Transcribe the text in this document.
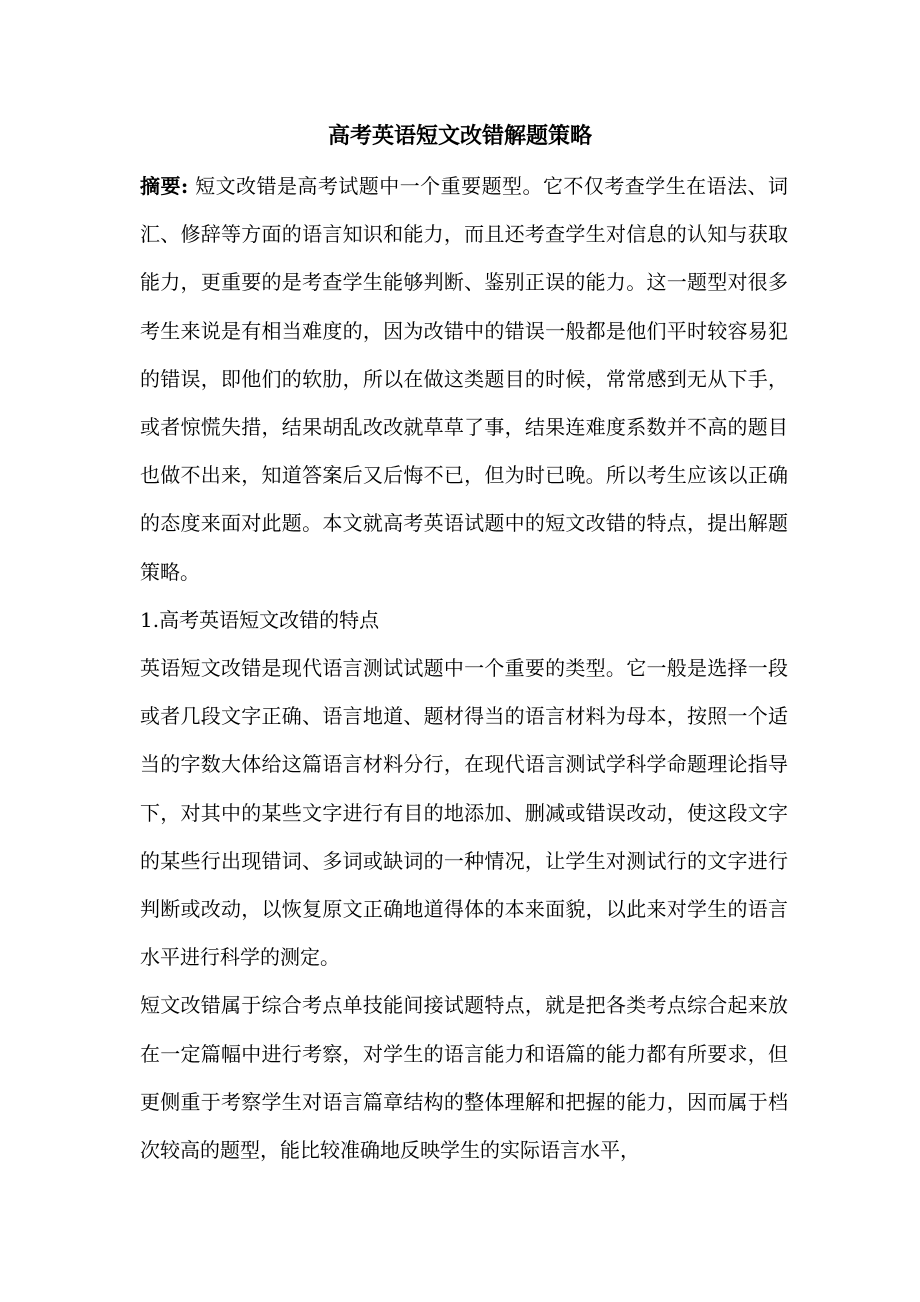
高考英语短文改错解题策略

摘要: 短文改错是高考试题中一个重要题型。它不仅考查学生在语法、词汇、修辞等方面的语言知识和能力，而且还考查学生对信息的认知与获取能力，更重要的是考查学生能够判断、鉴别正误的能力。这一题型对很多考生来说是有相当难度的，因为改错中的错误一般都是他们平时较容易犯的错误，即他们的软肋，所以在做这类题目的时候，常常感到无从下手，或者惊慌失措，结果胡乱改改就草草了事，结果连难度系数并不高的题目也做不出来，知道答案后又后悔不已，但为时已晚。所以考生应该以正确的态度来面对此题。本文就高考英语试题中的短文改错的特点，提出解题策略。

1.高考英语短文改错的特点

英语短文改错是现代语言测试试题中一个重要的类型。它一般是选择一段或者几段文字正确、语言地道、题材得当的语言材料为母本，按照一个适当的字数大体给这篇语言材料分行，在现代语言测试学科学命题理论指导下，对其中的某些文字进行有目的地添加、删减或错误改动，使这段文字的某些行出现错词、多词或缺词的一种情况，让学生对测试行的文字进行判断或改动，以恢复原文正确地道得体的本来面貌，以此来对学生的语言水平进行科学的测定。

短文改错属于综合考点单技能间接试题特点，就是把各类考点综合起来放在一定篇幅中进行考察，对学生的语言能力和语篇的能力都有所要求，但更侧重于考察学生对语言篇章结构的整体理解和把握的能力，因而属于档次较高的题型，能比较准确地反映学生的实际语言水平，
